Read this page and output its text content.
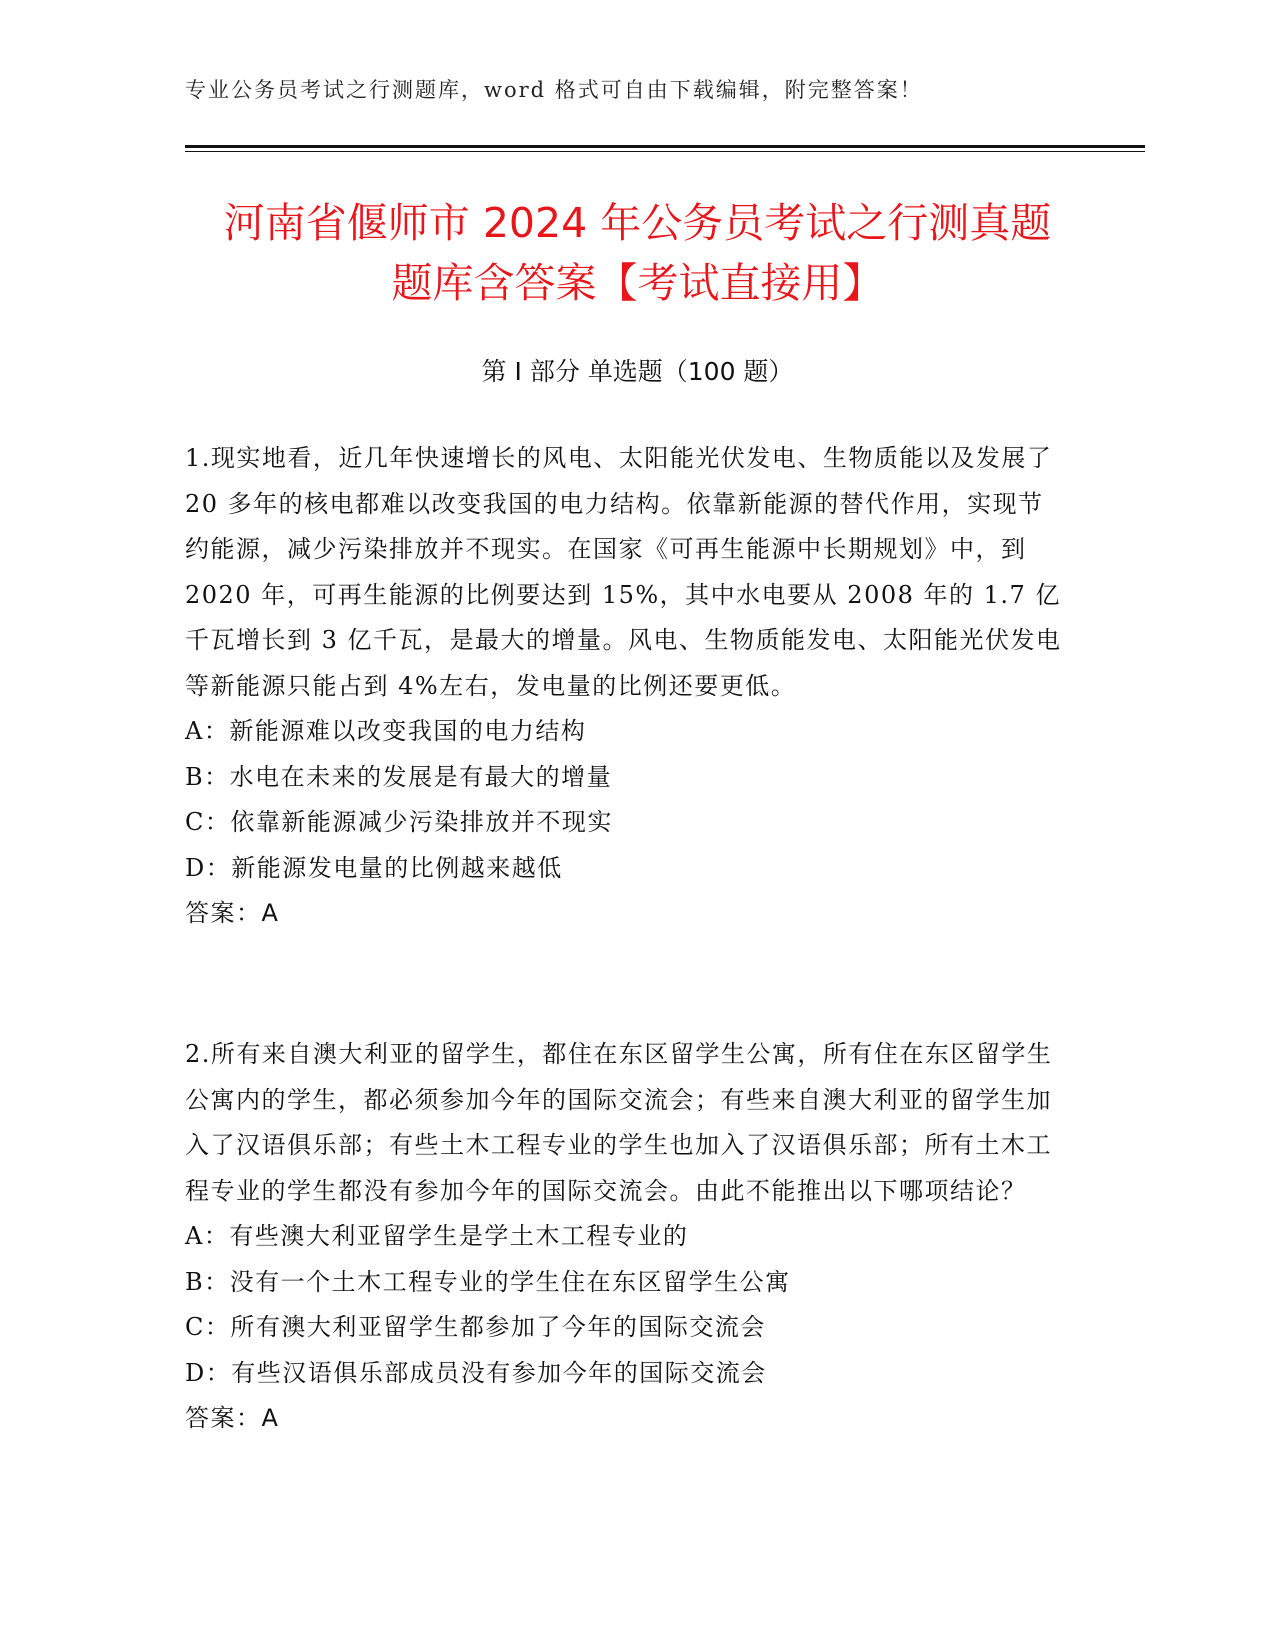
专业公务员考试之行测题库，word 格式可自由下载编辑，附完整答案！
河南省偃师市 2024 年公务员考试之行测真题
题库含答案【考试直接用】
第 I 部分 单选题（100 题）

1.现实地看，近几年快速增长的风电、太阳能光伏发电、生物质能以及发展了 20 多年的核电都难以改变我国的电力结构。依靠新能源的替代作用，实现节约能源，减少污染排放并不现实。在国家《可再生能源中长期规划》中，到 2020 年，可再生能源的比例要达到 15%，其中水电要从 2008 年的 1.7 亿千瓦增长到 3 亿千瓦，是最大的增量。风电、生物质能发电、太阳能光伏发电等新能源只能占到 4%左右，发电量的比例还要更低。

A：新能源难以改变我国的电力结构

B：水电在未来的发展是有最大的增量

C：依靠新能源减少污染排放并不现实

D：新能源发电量的比例越来越低

答案：A

2.所有来自澳大利亚的留学生，都住在东区留学生公寓，所有住在东区留学生公寓内的学生，都必须参加今年的国际交流会；有些来自澳大利亚的留学生加入了汉语俱乐部；有些土木工程专业的学生也加入了汉语俱乐部；所有土木工程专业的学生都没有参加今年的国际交流会。由此不能推出以下哪项结论？

A：有些澳大利亚留学生是学土木工程专业的

B：没有一个土木工程专业的学生住在东区留学生公寓

C：所有澳大利亚留学生都参加了今年的国际交流会

D：有些汉语俱乐部成员没有参加今年的国际交流会

答案：A
